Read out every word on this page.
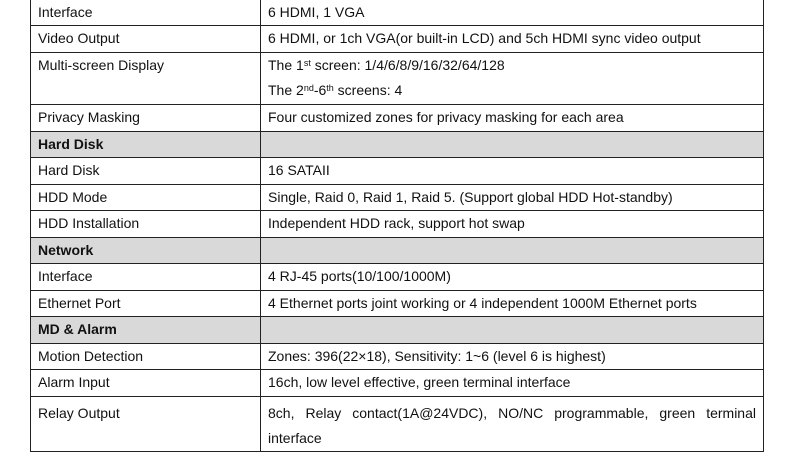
Interface	6 HDMI, 1 VGA
Video Output	6 HDMI, or 1ch VGA(or built-in LCD) and 5ch HDMI sync video output
Multi-screen Display	The 1st screen: 1/4/6/8/9/16/32/64/128
The 2nd-6th screens: 4

Privacy Masking	Four customized zones for privacy masking for each area
Hard Disk	
Hard Disk	16 SATAII
HDD Mode	Single, Raid 0, Raid 1, Raid 5. (Support global HDD Hot-standby)
HDD Installation	Independent HDD rack, support hot swap
Network	
Interface	4 RJ-45 ports(10/100/1000M)
Ethernet Port	4 Ethernet ports joint working or 4 independent 1000M Ethernet ports
MD & Alarm	
Motion Detection	Zones: 396(22×18), Sensitivity: 1~6 (level 6 is highest)
Alarm Input	16ch, low level effective, green terminal interface
Relay Output	8ch, Relay contact(1A@24VDC), NO/NC programmable, green terminal interface
